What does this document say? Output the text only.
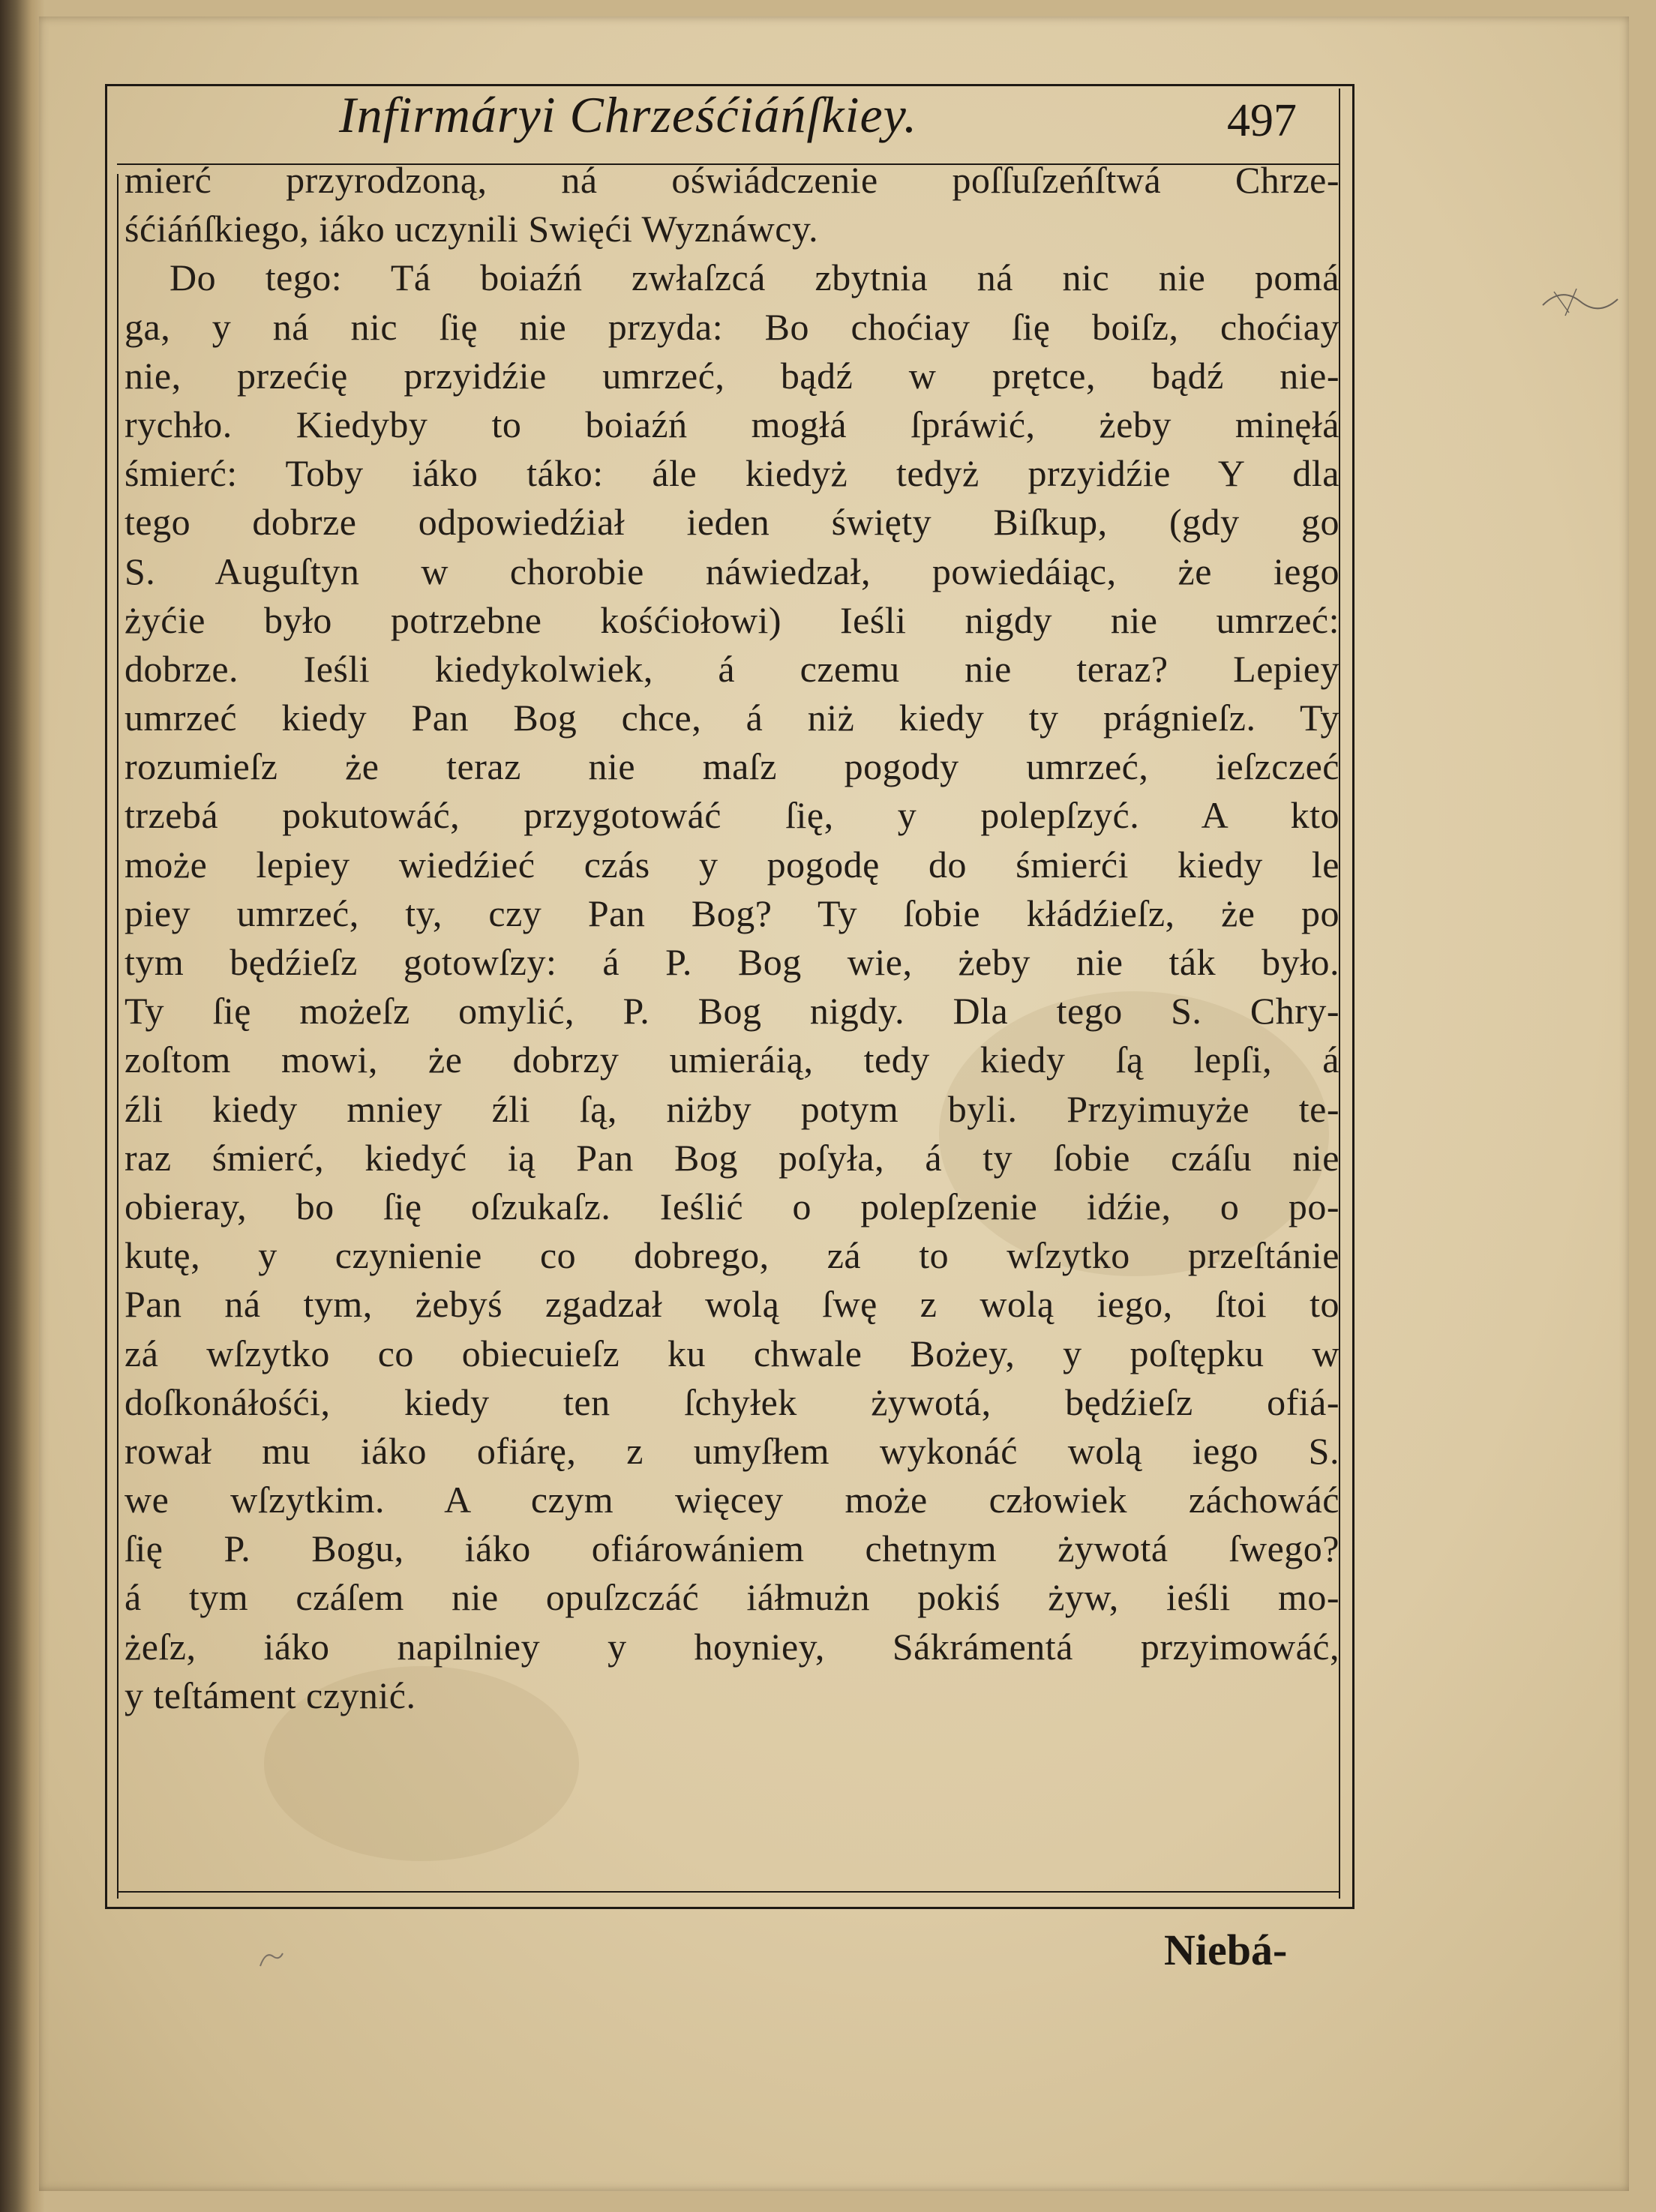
Infirmáryi Chrześćiáńſkiey.	497
mierć przyrodzoną, ná oświádczenie poſſuſzeńſtwá Chrze-
śćiáńſkiego, iáko uczynili Swięći Wyznáwcy.
Do tego: Tá boiaźń zwłaſzcá zbytnia ná nic nie pomá
ga, y ná nic ſię nie przyda: Bo choćiay ſię boiſz, choćiay
nie, przećię przyidźie umrzeć, bądź w prętce, bądź nie-
rychło. Kiedyby to boiaźń mogłá ſpráwić, żeby minęłá
śmierć: Toby iáko táko: ále kiedyż tedyż przyidźie Y dla
tego dobrze odpowiedźiał ieden święty Biſkup, (gdy go
S. Auguſtyn w chorobie náwiedzał, powiedáiąc, że iego
żyćie było potrzebne kośćiołowi) Ieśli nigdy nie umrzeć:
dobrze. Ieśli kiedykolwiek, á czemu nie teraz? Lepiey
umrzeć kiedy Pan Bog chce, á niż kiedy ty prágnieſz. Ty
rozumieſz że teraz nie maſz pogody umrzeć, ieſzczeć
trzebá pokutowáć, przygotowáć ſię, y polepſzyć. A kto
może lepiey wiedźieć czás y pogodę do śmierći kiedy le
piey umrzeć, ty, czy Pan Bog? Ty ſobie kłádźieſz, że po
tym będźieſz gotowſzy: á P. Bog wie, żeby nie ták było.
Ty ſię możeſz omylić, P. Bog nigdy. Dla tego S. Chry-
zoſtom mowi, że dobrzy umieráią, tedy kiedy ſą lepſi, á
źli kiedy mniey źli ſą, niżby potym byli. Przyimuyże te-
raz śmierć, kiedyć ią Pan Bog poſyła, á ty ſobie czáſu nie
obieray, bo ſię oſzukaſz. Ieślić o polepſzenie idźie, o po-
kutę, y czynienie co dobrego, zá to wſzytko przeſtánie
Pan ná tym, żebyś zgadzał wolą ſwę z wolą iego, ſtoi to
zá wſzytko co obiecuieſz ku chwale Bożey, y poſtępku w
doſkonáłośći, kiedy ten ſchyłek żywotá, będźieſz ofiá-
rował mu iáko ofiárę, z umyſłem wykonáć wolą iego S.
we wſzytkim. A czym więcey może człowiek záchowáć
ſię P. Bogu, iáko ofiárowániem chetnym żywotá ſwego?
á tym czáſem nie opuſzczáć iáłmużn pokiś żyw, ieśli mo-
żeſz, iáko napilniey y hoyniey, Sákrámentá przyimowáć,
y teſtáment czynić.
Niebá-
